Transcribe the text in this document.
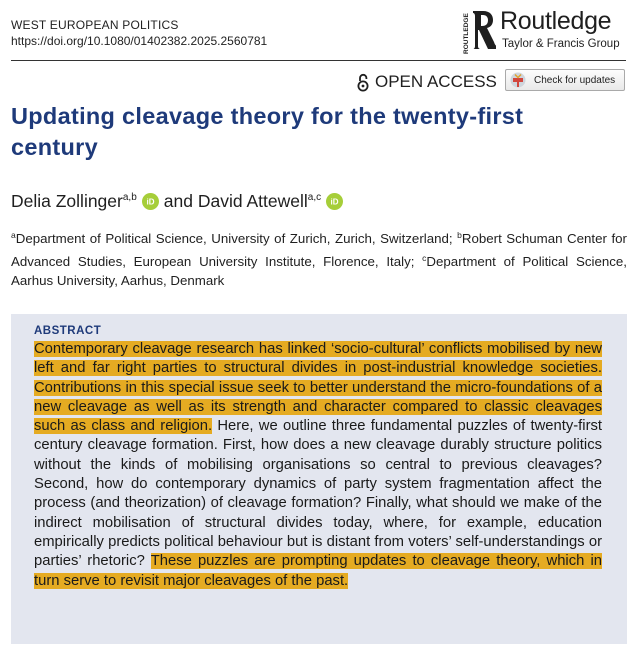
WEST EUROPEAN POLITICS
https://doi.org/10.1080/01402382.2025.2560781	ROUTLEDGE Routledge
Taylor & Francis Group
OPEN ACCESS	Check for updates
Updating cleavage theory for the twenty-first century
Delia Zollinger$^{a,b}$ iD and David Attewell$^{a,c}$ iD

$^a$Department of Political Science, University of Zurich, Zurich, Switzerland; $^b$Robert Schuman Center for Advanced Studies, European University Institute, Florence, Italy; $^c$Department of Political Science, Aarhus University, Aarhus, Denmark

ABSTRACT

Contemporary cleavage research has linked ‘socio-cultural’ conflicts mobilised by new left and far right parties to structural divides in post-industrial knowledge societies. Contributions in this special issue seek to better understand the micro-foundations of a new cleavage as well as its strength and character compared to classic cleavages such as class and religion. Here, we outline three fundamental puzzles of twenty-first century cleavage formation. First, how does a new cleavage durably structure politics without the kinds of mobilising organisations so central to previous cleavages? Second, how do contemporary dynamics of party system fragmentation affect the process (and theorization) of cleavage formation? Finally, what should we make of the indirect mobilisation of structural divides today, where, for example, education empirically predicts political behaviour but is distant from voters’ self-understandings or parties’ rhetoric? These puzzles are prompting updates to cleavage theory, which in turn serve to revisit major cleavages of the past.
